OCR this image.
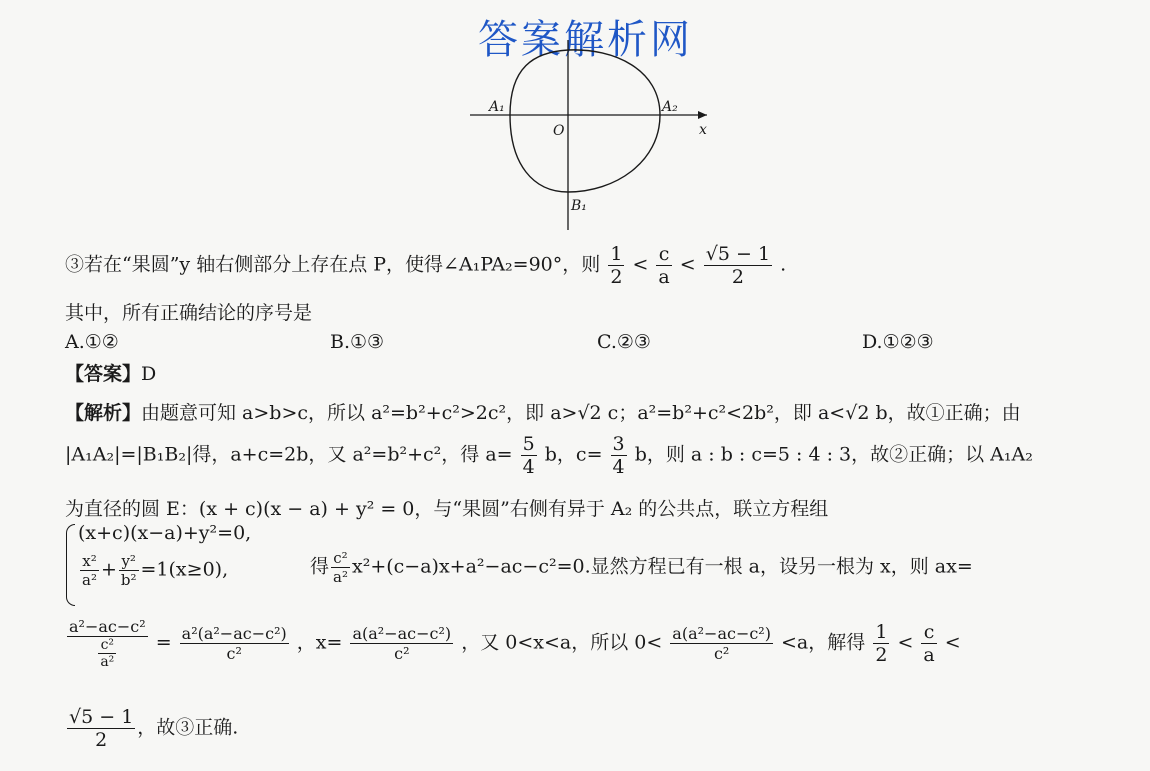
答案解析网
A₁	A₂
O	x
B₁
③若在“果圆”y 轴右侧部分上存在点 P，使得∠A₁PA₂=90°，则 $\frac{1}{2} < \frac{c}{a} < \frac{√5 - 1}{2}$ .
其中，所有正确结论的序号是
A.①②	B.①③	C.②③	D.①②③
【答案】D
【解析】由题意可知 a>b>c，所以 a²=b²+c²>2c²，即 a>√2 c；a²=b²+c²<2b²，即 a<√2 b，故①正确；由
|A₁A₂|=|B₁B₂|得，a+c=2b，又 a²=b²+c²，得 $a= \frac{5}{4}$ b，$c= \frac{3}{4}$ b，则 a : b : c=5 : 4 : 3，故②正确；以 A₁A₂
为直径的圆 E：(x + c)(x − a) + y² = 0，与“果圆”右侧有异于 A₂ 的公共点，联立方程组
(x+c)(x−a)+y²=0,
$\frac{\text{x²}}{\text{a²}} + \frac{\text{y²}}{\text{b²}} =1(x\ge 0)$,	得 $\frac{\text{c²}}{\text{a²}} x^2+(c-a)x+a^2-ac-c^2=0$.显然方程已有一根 a，设另一根为 x，则 ax=
$\frac{\text{a²−ac−c²}}{\frac{\text{c²}}{\text{a²}}} = \frac{\text{a²(a²−ac−c²)}}{\text{c²}}$ ，$x= \frac{\text{a(a²−ac−c²)}}{\text{c²}}$ ，又 0<x<a，所以 $0< \frac{\text{a(a²−ac−c²)}}{\text{c²}} <a$，解得 $\frac{1}{2} < \frac{c}{a}$ <
$\frac{√5 - 1}{2}$ ，故③正确.
